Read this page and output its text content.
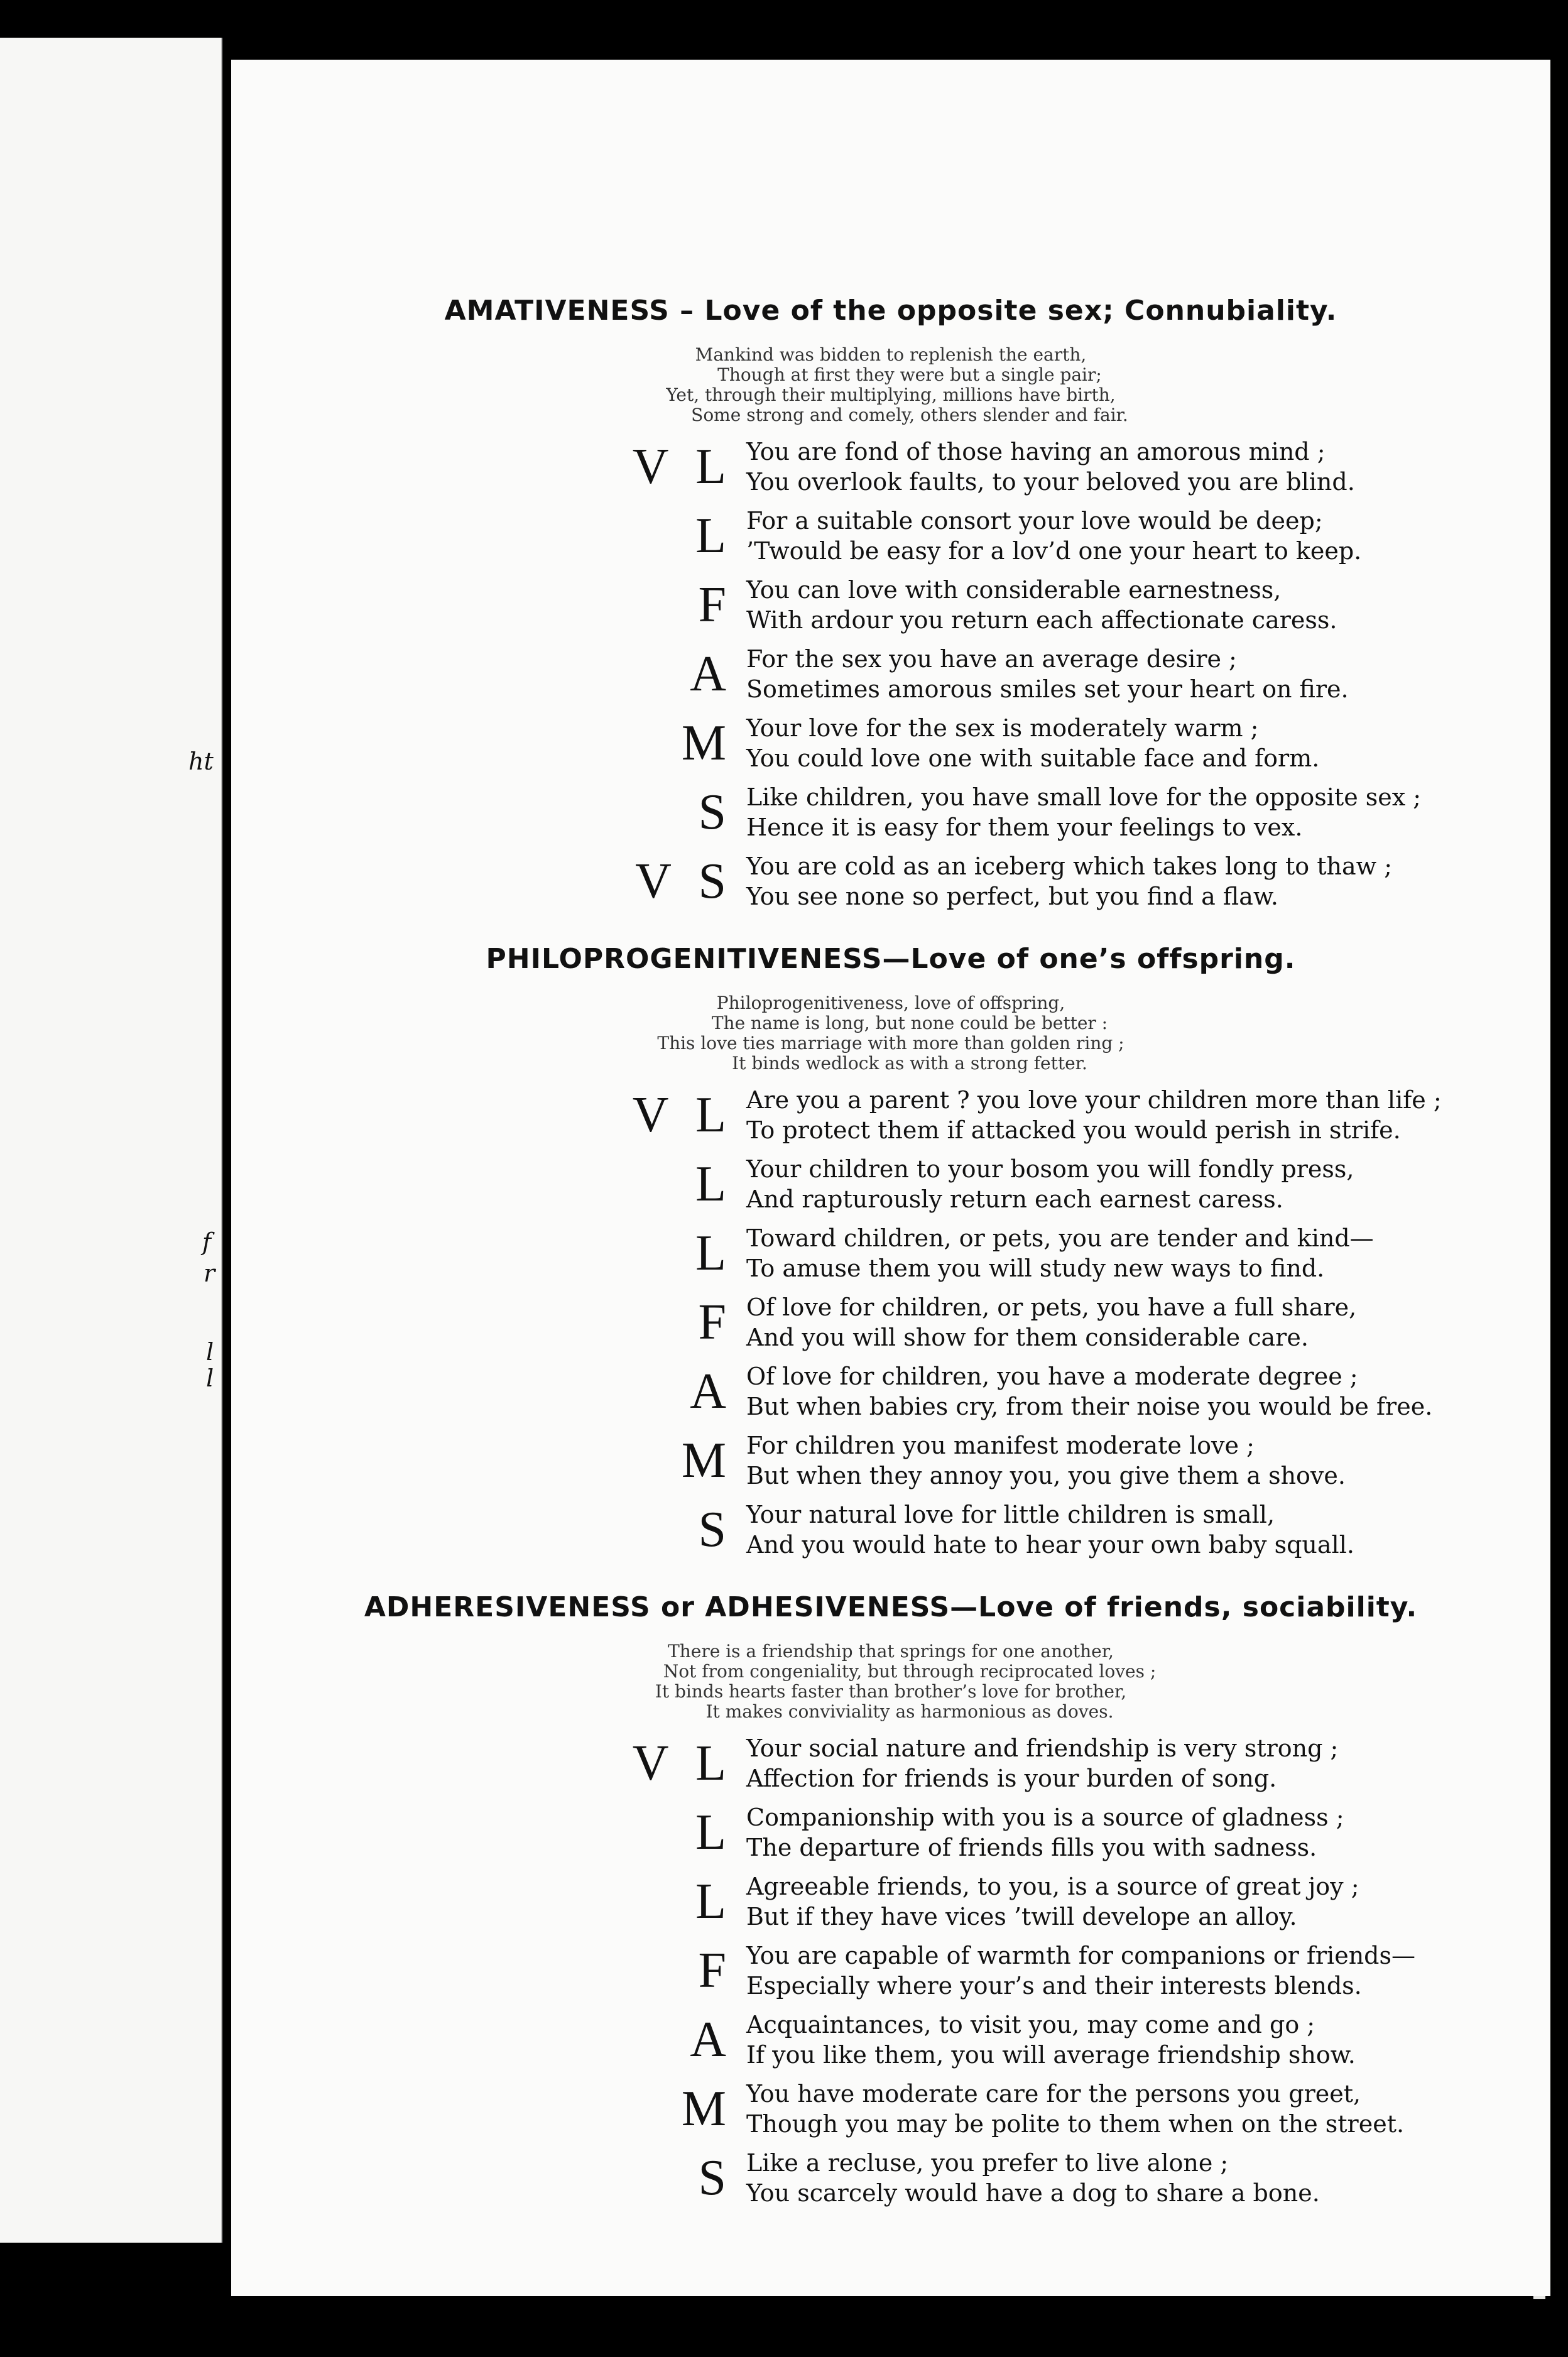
ht
f
r
l
l
AMATIVENESS – Love of the opposite sex; Connubiality.
Mankind was bidden to replenish the earth,
Though at first they were but a single pair;
Yet, through their multiplying, millions have birth,
Some strong and comely, others slender and fair.
V L You are fond of those having an amorous mind ;
You overlook faults, to your beloved you are blind.
L For a suitable consort your love would be deep;
’Twould be easy for a lov’d one your heart to keep.
F You can love with considerable earnestness,
With ardour you return each affectionate caress.
A For the sex you have an average desire ;
Sometimes amorous smiles set your heart on fire.
M Your love for the sex is moderately warm ;
You could love one with suitable face and form.
S Like children, you have small love for the opposite sex ;
Hence it is easy for them your feelings to vex.
V S You are cold as an iceberg which takes long to thaw ;
You see none so perfect, but you find a flaw.
PHILOPROGENITIVENESS—Love of one’s offspring.
Philoprogenitiveness, love of offspring,
The name is long, but none could be better :
This love ties marriage with more than golden ring ;
It binds wedlock as with a strong fetter.
V L Are you a parent ? you love your children more than life ;
To protect them if attacked you would perish in strife.
L Your children to your bosom you will fondly press,
And rapturously return each earnest caress.
L Toward children, or pets, you are tender and kind—
To amuse them you will study new ways to find.
F Of love for children, or pets, you have a full share,
And you will show for them considerable care.
A Of love for children, you have a moderate degree ;
But when babies cry, from their noise you would be free.
M For children you manifest moderate love ;
But when they annoy you, you give them a shove.
S Your natural love for little children is small,
And you would hate to hear your own baby squall.
ADHERESIVENESS or ADHESIVENESS—Love of friends, sociability.
There is a friendship that springs for one another,
Not from congeniality, but through reciprocated loves ;
It binds hearts faster than brother’s love for brother,
It makes conviviality as harmonious as doves.
V L Your social nature and friendship is very strong ;
Affection for friends is your burden of song.
L Companionship with you is a source of gladness ;
The departure of friends fills you with sadness.
L Agreeable friends, to you, is a source of great joy ;
But if they have vices ’twill develope an alloy.
F You are capable of warmth for companions or friends—
Especially where your’s and their interests blends.
A Acquaintances, to visit you, may come and go ;
If you like them, you will average friendship show.
M You have moderate care for the persons you greet,
Though you may be polite to them when on the street.
S Like a recluse, you prefer to live alone ;
You scarcely would have a dog to share a bone.
